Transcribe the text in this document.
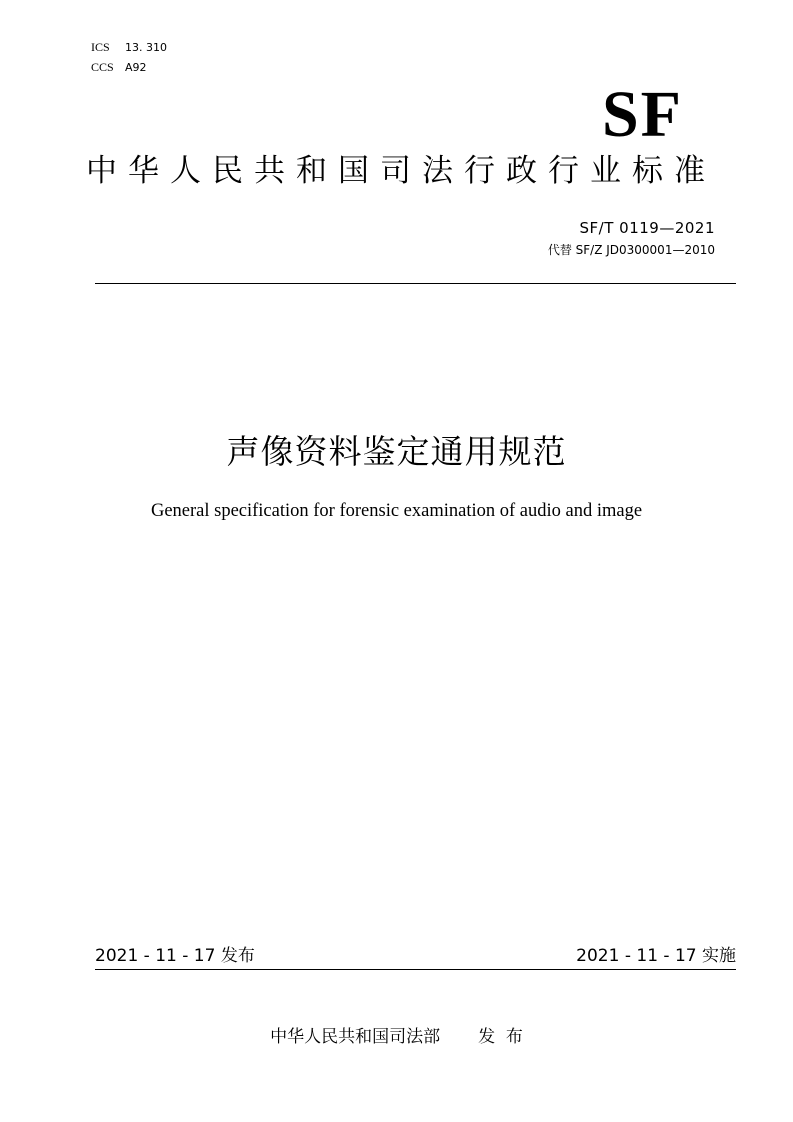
ICS 13. 310
CCS A92
SF
中华人民共和国司法行政行业标准
SF/T 0119—2021
代替 SF/Z JD0300001—2010
声像资料鉴定通用规范
General specification for forensic examination of audio and image
2021 - 11 - 17 发布	2021 - 11 - 17 实施
中华人民共和国司法部 发  布
